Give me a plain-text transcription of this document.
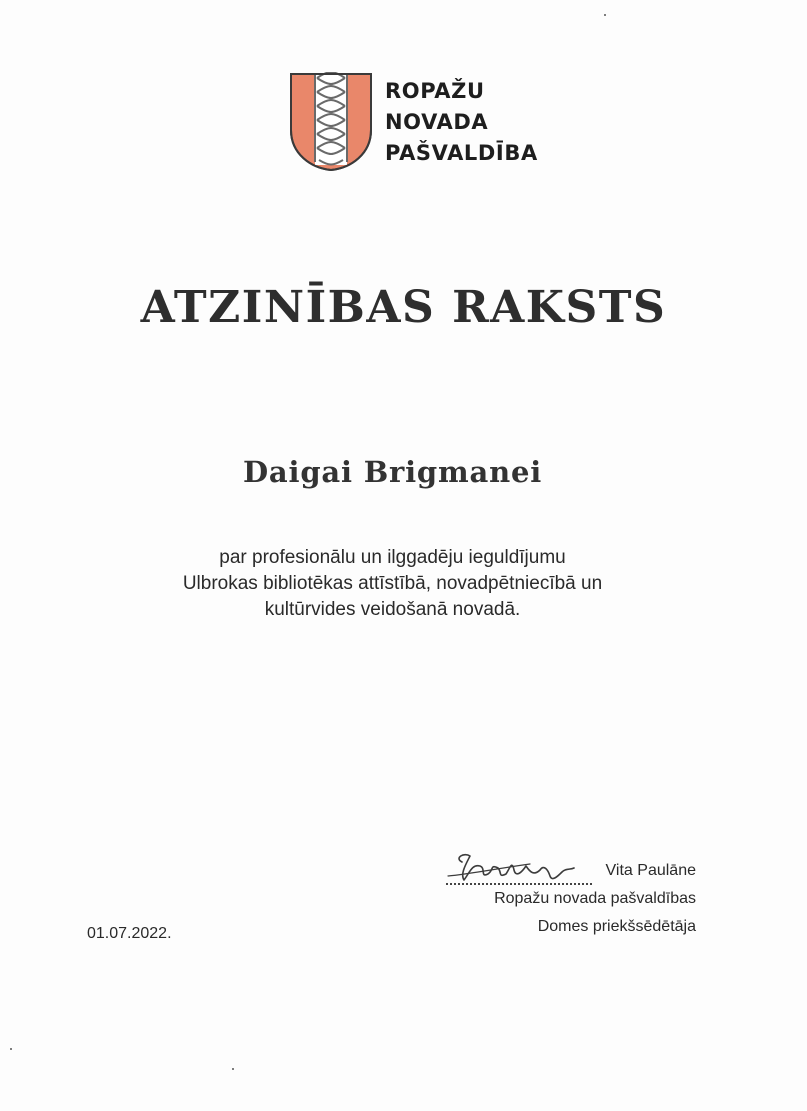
ROPAŽU
NOVADA
PAŠVALDĪBA
ATZINĪBAS RAKSTS
Daigai Brigmanei
par profesionālu un ilggadēju ieguldījumu
Ulbrokas bibliotēkas attīstībā, novadpētniecībā un
kultūrvides veidošanā novadā.
Vita Paulāne
Ropažu novada pašvaldības
Domes priekšsēdētāja
01.07.2022.
